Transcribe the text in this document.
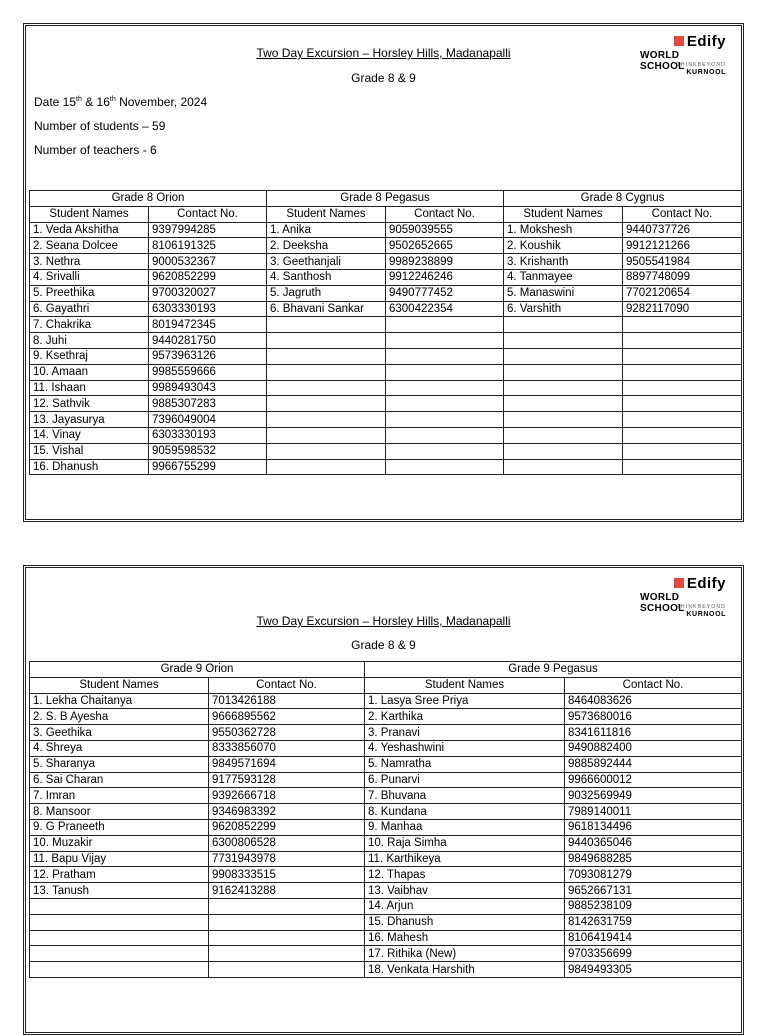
Two Day Excursion – Horsley Hills, Madanapalli
Grade 8 & 9
Edify
WORLD SCHOOL
THINKBEYOND
KURNOOL
Date 15th & 16th November, 2024
Number of students – 59
Number of teachers - 6
Grade 8 Orion		Grade 8 Pegasus		Grade 8 Cygnus	
Student Names	Contact No.	Student Names	Contact No.	Student Names	Contact No.
1. Veda Akshitha	9397994285	1. Anika	9059039555	1. Mokshesh	9440737726
2. Seana Dolcee	8106191325	2. Deeksha	9502652665	2. Koushik	9912121266
3. Nethra	9000532367	3. Geethanjali	9989238899	3. Krishanth	9505541984
4. Srivalli	9620852299	4. Santhosh	9912246246	4. Tanmayee	8897748099
5. Preethika	9700320027	5. Jagruth	9490777452	5. Manaswini	7702120654
6. Gayathri	6303330193	6. Bhavani Sankar	6300422354	6. Varshith	9282117090
7. Chakrika	8019472345				
8. Juhi	9440281750				
9. Ksethraj	9573963126				
10. Amaan	9985559666				
11. Ishaan	9989493043				
12. Sathvik	9885307283				
13. Jayasurya	7396049004				
14. Vinay	6303330193				
15. Vishal	9059598532				
16. Dhanush	9966755299				
Edify
WORLD SCHOOL
THINKBEYOND
KURNOOL
Two Day Excursion – Horsley Hills, Madanapalli
Grade 8 & 9
Grade 9 Orion		Grade 9 Pegasus	
Student Names	Contact No.	Student Names	Contact No.
1. Lekha Chaitanya	7013426188	1. Lasya Sree Priya	8464083626
2. S. B Ayesha	9666895562	2. Karthika	9573680016
3. Geethika	9550362728	3. Pranavi	8341611816
4. Shreya	8333856070	4. Yeshashwini	9490882400
5. Sharanya	9849571694	5. Namratha	9885892444
6. Sai Charan	9177593128	6. Punarvi	9966600012
7. Imran	9392666718	7. Bhuvana	9032569949
8. Mansoor	9346983392	8. Kundana	7989140011
9. G Praneeth	9620852299	9. Manhaa	9618134496
10. Muzakir	6300806528	10. Raja Simha	9440365046
11. Bapu Vijay	7731943978	11. Karthikeya	9849688285
12. Pratham	9908333515	12. Thapas	7093081279
13. Tanush	9162413288	13. Vaibhav	9652667131
		14. Arjun	9885238109
		15. Dhanush	8142631759
		16. Mahesh	8106419414
		17. Rithika (New)	9703356699
		18. Venkata Harshith	9849493305
